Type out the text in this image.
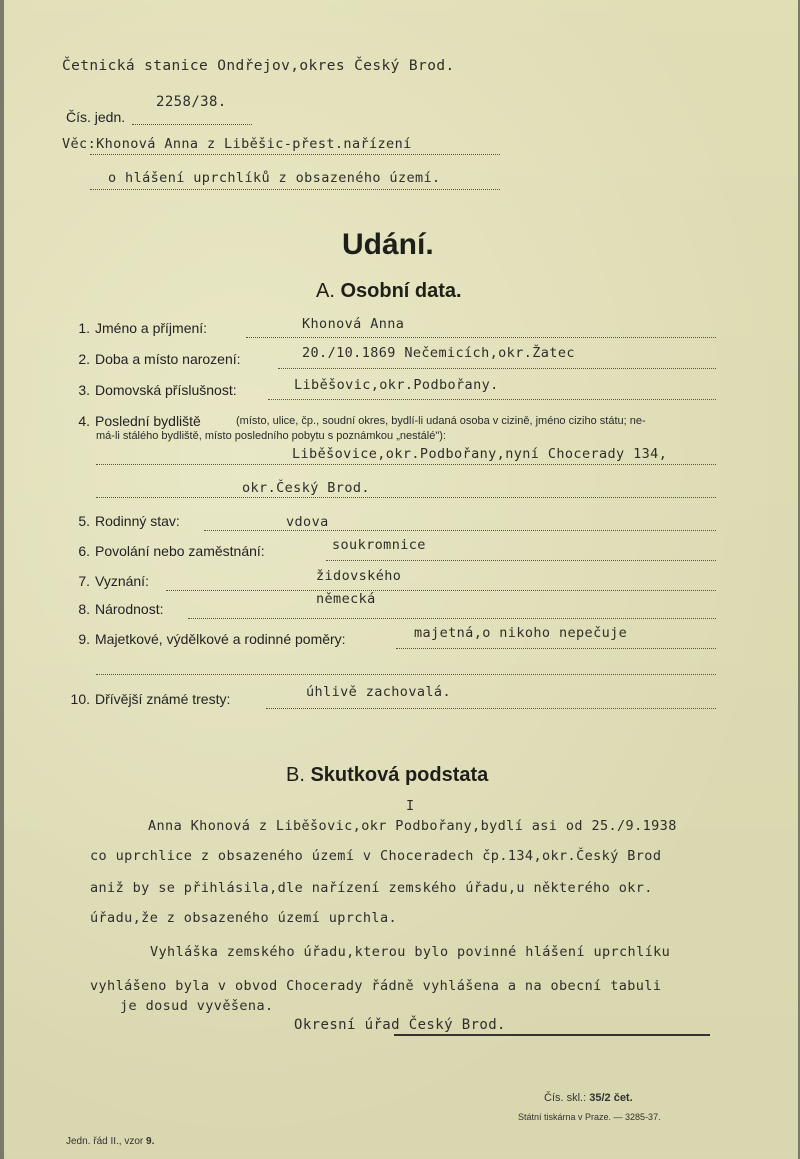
Četnická stanice Ondřejov,okres Český Brod.
Čís. jedn.
2258/38.
Věc:Khonová Anna z Liběšic-přest.nařízení
o hlášení uprchlíků z obsazeného území.
Udání.
A. Osobní data.
1. Jméno a příjmení:	Khonová Anna
2. Doba a místo narození:	20./10.1869 Nečemicích,okr.Žatec
3. Domovská příslušnost:	Liběšovic,okr.Podbořany.
4. Poslední bydliště	(místo, ulice, čp., soudní okres, bydlí-li udaná osoba v cizině, jméno ciziho státu; ne-
má-li stálého bydliště, místo posledního pobytu s poznámkou „nestálé"):
Liběšovice,okr.Podbořany,nyní Chocerady 134,
okr.Český Brod.
5. Rodinný stav:	vdova
6. Povolání nebo zaměstnání:	soukromnice
7. Vyznání:	židovského
8. Národnost:
německá
9. Majetkové, výdělkové a rodinné poměry:	majetná,o nikoho nepečuje
10. Dřívější známé tresty:	úhlivě zachovalá.
B. Skutková podstata
I
Anna Khonová z Liběšovic,okr Podbořany,bydlí asi od 25./9.1938
co uprchlice z obsazeného území v Choceradech čp.134,okr.Český Brod
aniž by se přihlásila,dle nařízení zemského úřadu,u některého okr.
úřadu,že z obsazeného území uprchla.
Vyhláška zemského úřadu,kterou bylo povinné hlášení uprchlíku
vyhlášeno byla v obvod Chocerady řádně vyhlášena a na obecní tabuli
je dosud vyvěšena.
Okresní úřad Český Brod.
Jedn. řád II., vzor 9.
Čís. skl.: 35/2 čet.
Státní tiskárna v Praze. — 3285-37.
